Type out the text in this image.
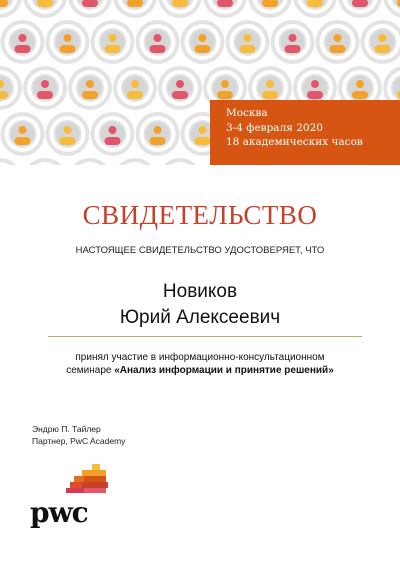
Москва
3-4 февраля 2020
18 академических часов
СВИДЕТЕЛЬСТВО
НАСТОЯЩЕЕ СВИДЕТЕЛЬСТВО УДОСТОВЕРЯЕТ, ЧТО
Новиков
Юрий Алексеевич
принял участие в информационно-консультационном
семинаре «Анализ информации и принятие решений»
Эндрю П. Тайлер
Партнер, PwC Academy
pwc
